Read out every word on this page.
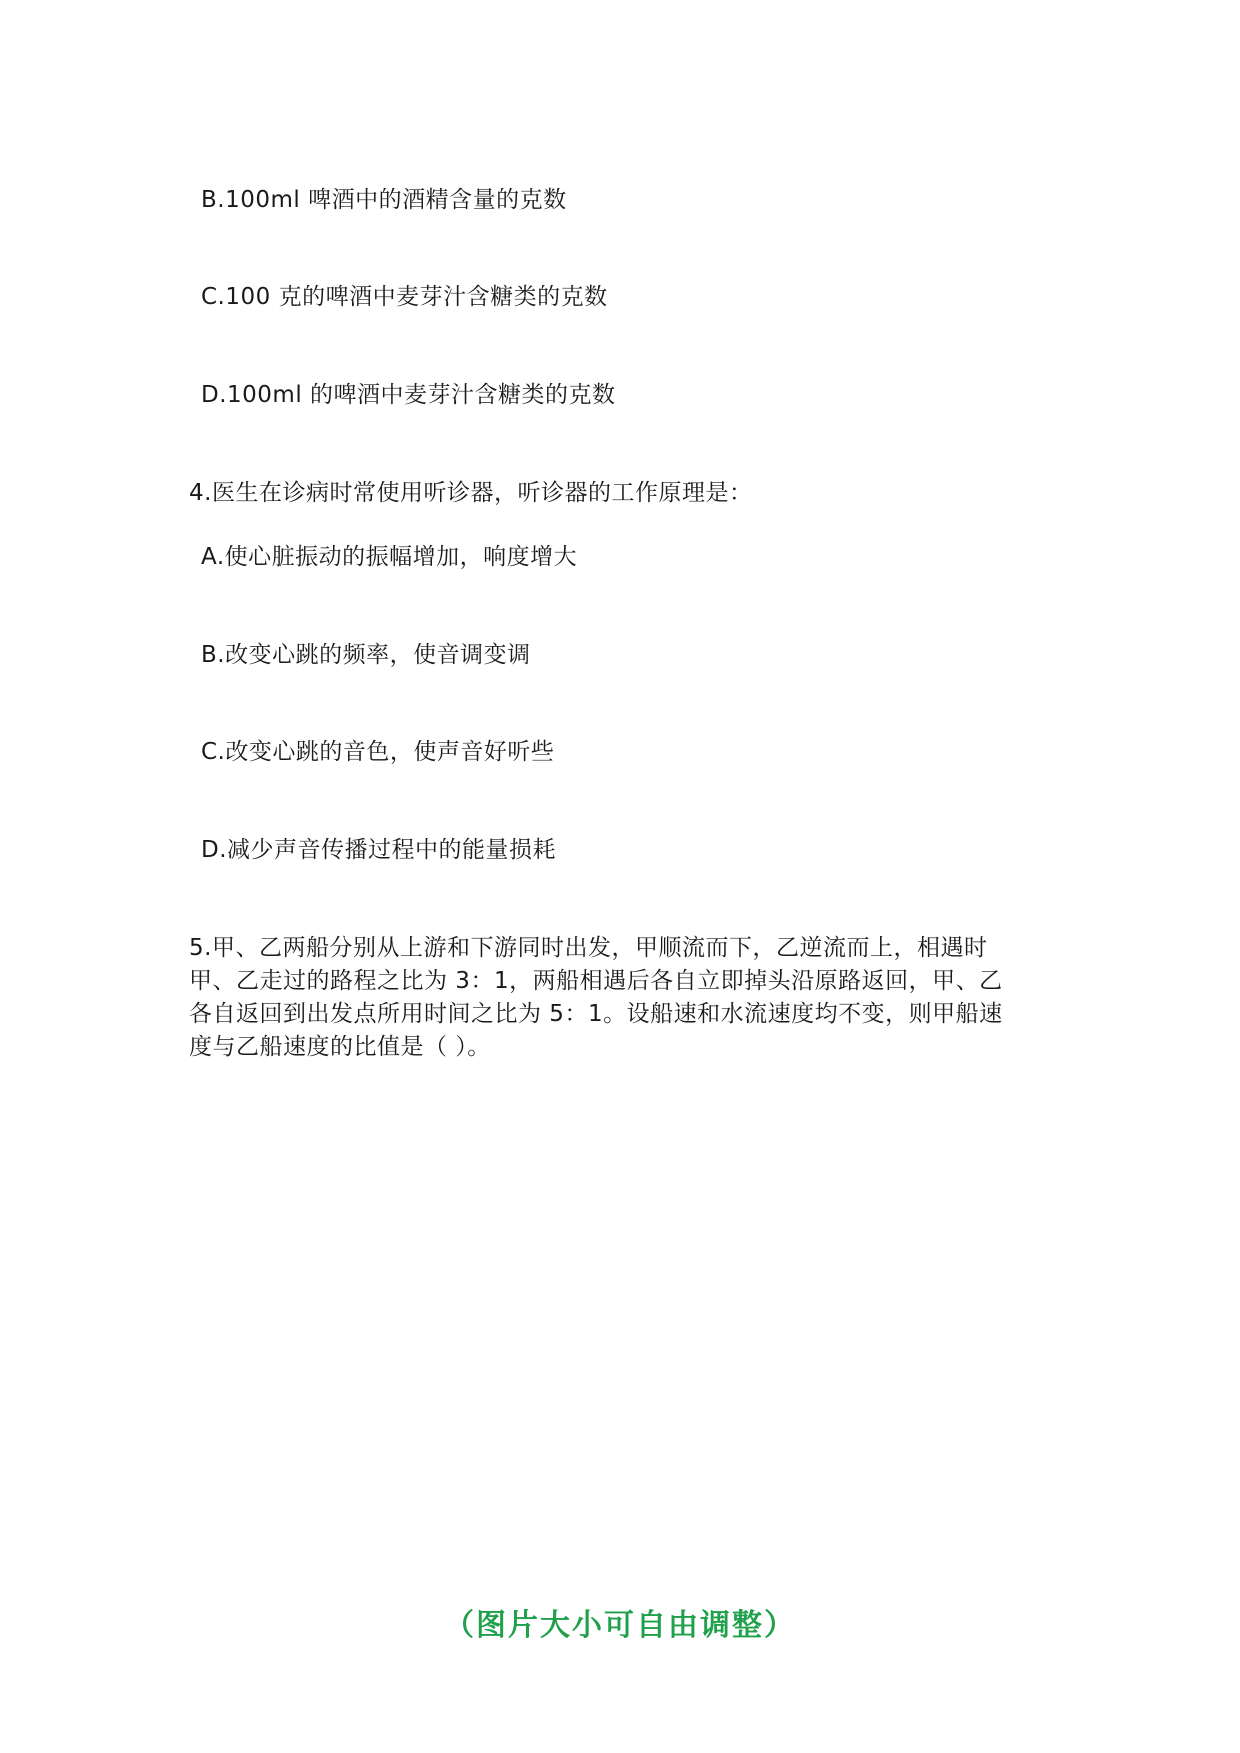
B.100ml 啤酒中的酒精含量的克数
C.100 克的啤酒中麦芽汁含糖类的克数
D.100ml 的啤酒中麦芽汁含糖类的克数
4.医生在诊病时常使用听诊器，听诊器的工作原理是：
A.使心脏振动的振幅增加，响度增大
B.改变心跳的频率，使音调变调
C.改变心跳的音色，使声音好听些
D.减少声音传播过程中的能量损耗
5.甲、乙两船分别从上游和下游同时出发，甲顺流而下，乙逆流而上，相遇时
甲、乙走过的路程之比为 3：1，两船相遇后各自立即掉头沿原路返回，甲、乙
各自返回到出发点所用时间之比为 5：1。设船速和水流速度均不变，则甲船速
度与乙船速度的比值是（ ）。
（图片大小可自由调整）
